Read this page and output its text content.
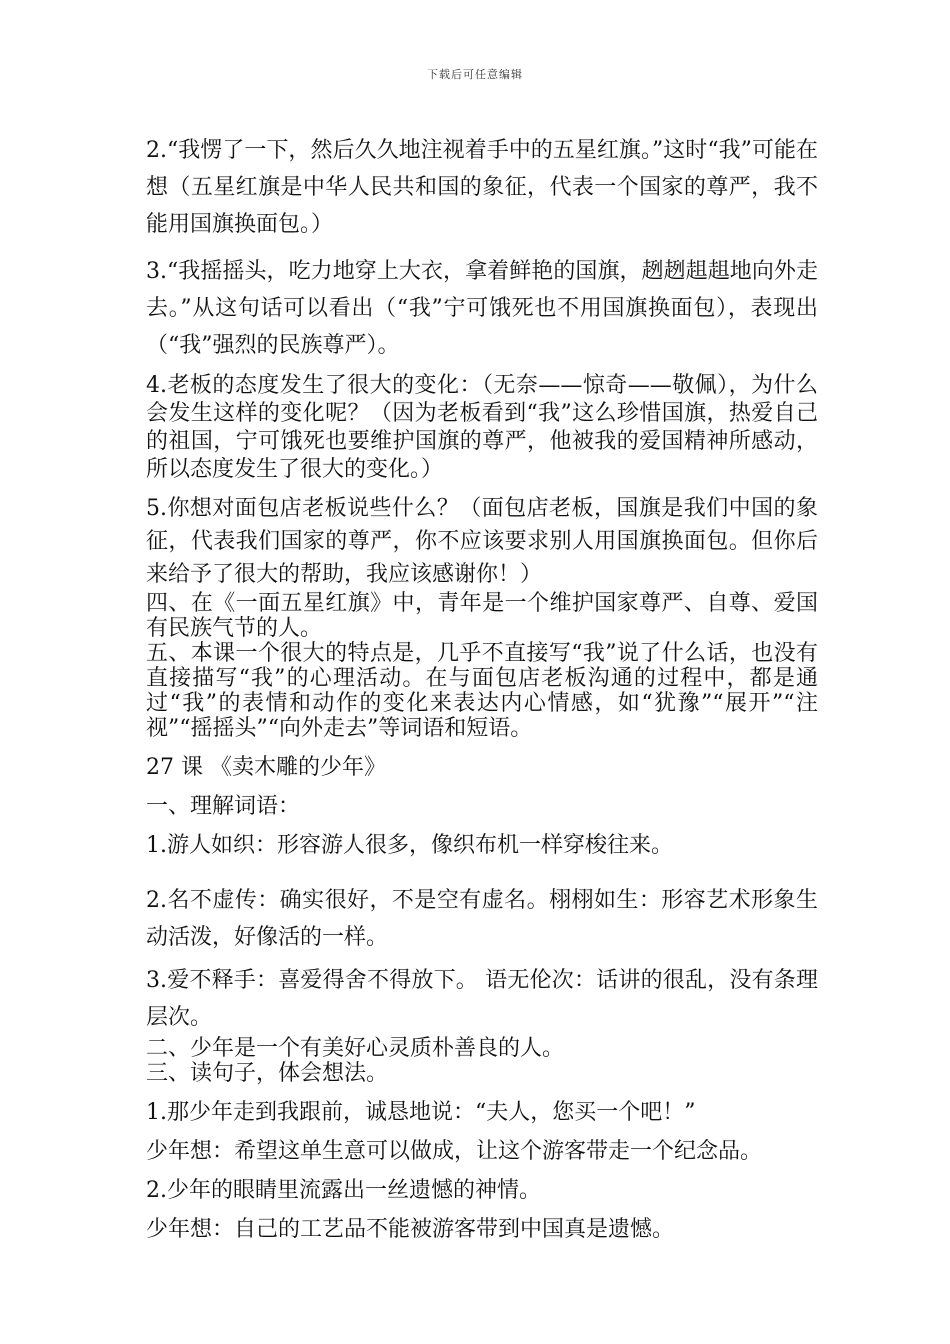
下载后可任意编辑

2.“我愣了一下，然后久久地注视着手中的五星红旗。”这时“我”可能在想（五星红旗是中华人民共和国的象征，代表一个国家的尊严，我不能用国旗换面包。）

3.“我摇摇头，吃力地穿上大衣，拿着鲜艳的国旗，趔趔趄趄地向外走去。”从这句话可以看出（“我”宁可饿死也不用国旗换面包），表现出（“我”强烈的民族尊严）。

4.老板的态度发生了很大的变化：（无奈——惊奇——敬佩），为什么会发生这样的变化呢？（因为老板看到“我”这么珍惜国旗，热爱自己的祖国，宁可饿死也要维护国旗的尊严，他被我的爱国精神所感动，所以态度发生了很大的变化。）

5.你想对面包店老板说些什么？（面包店老板，国旗是我们中国的象征，代表我们国家的尊严，你不应该要求别人用国旗换面包。但你后来给予了很大的帮助，我应该感谢你！）

四、在《一面五星红旗》中，青年是一个维护国家尊严、自尊、爱国有民族气节的人。

五、本课一个很大的特点是，几乎不直接写“我”说了什么话，也没有直接描写“我”的心理活动。在与面包店老板沟通的过程中，都是通过“我”的表情和动作的变化来表达内心情感，如“犹豫”“展开”“注视”“摇摇头”“向外走去”等词语和短语。

27 课 《卖木雕的少年》

一、理解词语：

1.游人如织：形容游人很多，像织布机一样穿梭往来。

2.名不虚传：确实很好，不是空有虚名。栩栩如生：形容艺术形象生动活泼，好像活的一样。

3.爱不释手：喜爱得舍不得放下。 语无伦次：话讲的很乱，没有条理层次。

二、少年是一个有美好心灵质朴善良的人。

三、读句子，体会想法。

1.那少年走到我跟前，诚恳地说：“夫人，您买一个吧！”

少年想：希望这单生意可以做成，让这个游客带走一个纪念品。

2.少年的眼睛里流露出一丝遗憾的神情。

少年想：自己的工艺品不能被游客带到中国真是遗憾。
